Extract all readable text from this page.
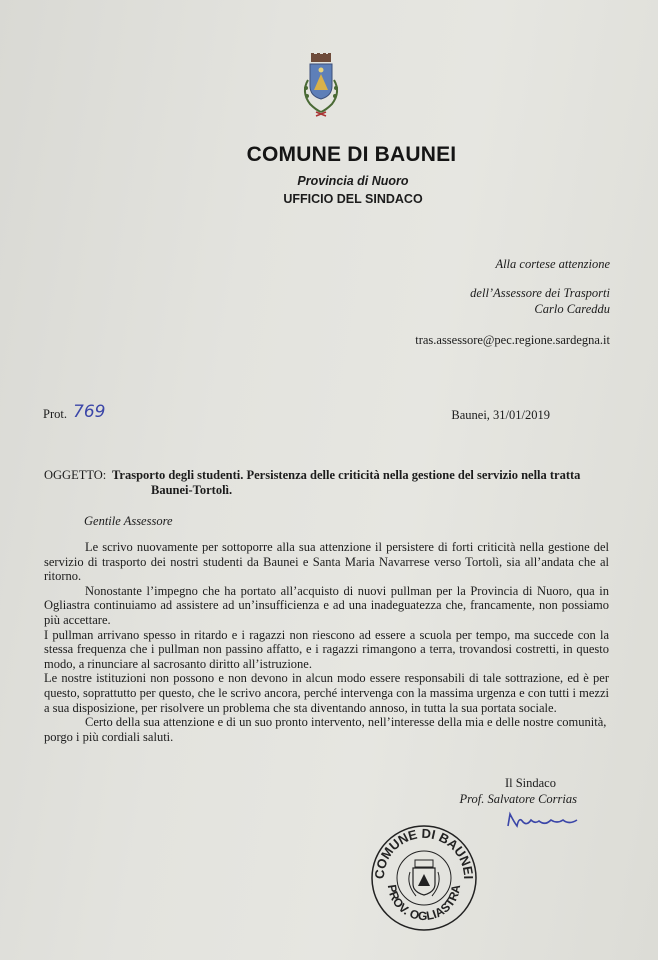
COMUNE DI BAUNEI
Provincia di Nuoro
UFFICIO DEL SINDACO
Alla cortese attenzione
dell’Assessore dei Trasporti
Carlo Careddu
tras.assessore@pec.regione.sardegna.it
Prot. 769	Baunei, 31/01/2019
OGGETTO: Trasporto degli studenti. Persistenza delle criticità nella gestione del servizio nella tratta
Baunei-Tortolì.
Gentile Assessore

Le scrivo nuovamente per sottoporre alla sua attenzione il persistere di forti criticità nella gestione del servizio di trasporto dei nostri studenti da Baunei e Santa Maria Navarrese verso Tortolì, sia all’andata che al ritorno.

Nonostante l’impegno che ha portato all’acquisto di nuovi pullman per la Provincia di Nuoro, qua in Ogliastra continuiamo ad assistere ad un’insufficienza e ad una inadeguatezza che, francamente, non possiamo più accettare.

I pullman arrivano spesso in ritardo e i ragazzi non riescono ad essere a scuola per tempo, ma succede con la stessa frequenza che i pullman non passino affatto, e i ragazzi rimangono a terra, trovandosi costretti, in questo modo, a rinunciare al sacrosanto diritto all’istruzione.

Le nostre istituzioni non possono e non devono in alcun modo essere responsabili di tale sottrazione, ed è per questo, soprattutto per questo, che le scrivo ancora, perché intervenga con la massima urgenza e con tutti i mezzi a sua disposizione, per risolvere un problema che sta diventando annoso, in tutta la sua portata sociale.

Certo della sua attenzione e di un suo pronto intervento, nell’interesse della mia e delle nostre comunità,

porgo i più cordiali saluti.

Il Sindaco
Prof. Salvatore Corrias
COMUNE DI BAUNEI
PROV. OGLIASTRA
